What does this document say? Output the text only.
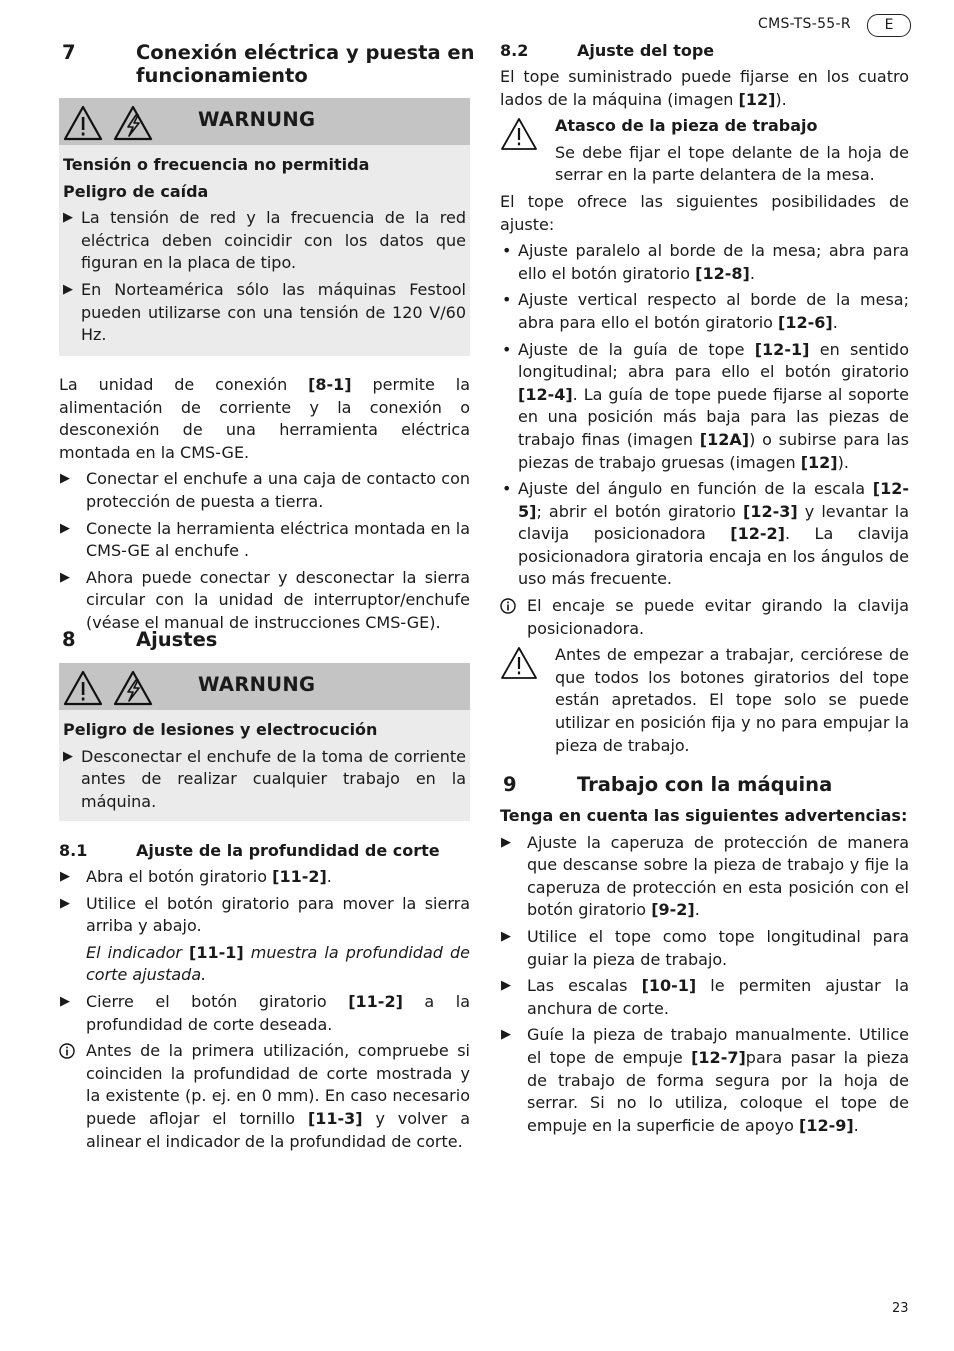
CMS-TS-55-R	E
7	Conexión eléctrica y puesta en funcionamiento
WARNUNG

Tensión o frecuencia no permitida

Peligro de caída

▶ La tensión de red y la frecuencia de la red eléctrica deben coincidir con los datos que figuran en la placa de tipo.

▶ En Norteamérica sólo las máquinas Festool pueden utilizarse con una tensión de 120 V/60 Hz.

La unidad de conexión [8-1] permite la alimentación de corriente y la conexión o desconexión de una herramienta eléctrica montada en la CMS-GE.

▶ Conectar el enchufe a una caja de contacto con protección de puesta a tierra.

▶ Conecte la herramienta eléctrica montada en la CMS-GE al enchufe .

▶ Ahora puede conectar y desconectar la sierra circular con la unidad de interruptor/enchufe (véase el manual de instrucciones CMS-GE).

8	Ajustes
WARNUNG

Peligro de lesiones y electrocución

▶ Desconectar el enchufe de la toma de corriente antes de realizar cualquier trabajo en la máquina.

8.1	Ajuste de la profundidad de corte

▶ Abra el botón giratorio [11-2].

▶ Utilice el botón giratorio para mover la sierra arriba y abajo.

El indicador [11-1] muestra la profundidad de corte ajustada.

▶ Cierre el botón giratorio [11-2] a la profundidad de corte deseada.

Antes de la primera utilización, compruebe si coinciden la profundidad de corte mostrada y la existente (p. ej. en 0 mm). En caso necesario puede aflojar el tornillo [11-3] y volver a alinear el indicador de la profundidad de corte.

8.2	Ajuste del tope

El tope suministrado puede fijarse en los cuatro lados de la máquina (imagen [12]).

Atasco de la pieza de trabajo

Se debe fijar el tope delante de la hoja de serrar en la parte delantera de la mesa.

El tope ofrece las siguientes posibilidades de ajuste:

• Ajuste paralelo al borde de la mesa; abra para ello el botón giratorio [12-8].

• Ajuste vertical respecto al borde de la mesa; abra para ello el botón giratorio [12-6].

• Ajuste de la guía de tope [12-1] en sentido longitudinal; abra para ello el botón giratorio [12-4]. La guía de tope puede fijarse al soporte en una posición más baja para las piezas de trabajo finas (imagen [12A]) o subirse para las piezas de trabajo gruesas (imagen [12]).

• Ajuste del ángulo en función de la escala [12-5]; abrir el botón giratorio [12-3] y levantar la clavija posicionadora [12-2]. La clavija posicionadora giratoria encaja en los ángulos de uso más frecuente.

El encaje se puede evitar girando la clavija posicionadora.

Antes de empezar a trabajar, cerciórese de que todos los botones giratorios del tope están apretados. El tope solo se puede utilizar en posición fija y no para empujar la pieza de trabajo.

9	Trabajo con la máquina

Tenga en cuenta las siguientes advertencias:

▶ Ajuste la caperuza de protección de manera que descanse sobre la pieza de trabajo y fije la caperuza de protección en esta posición con el botón giratorio [9-2].

▶ Utilice el tope como tope longitudinal para guiar la pieza de trabajo.

▶ Las escalas [10-1] le permiten ajustar la anchura de corte.

▶ Guíe la pieza de trabajo manualmente. Utilice el tope de empuje [12-7]para pasar la pieza de trabajo de forma segura por la hoja de serrar. Si no lo utiliza, coloque el tope de empuje en la superficie de apoyo [12-9].

23
